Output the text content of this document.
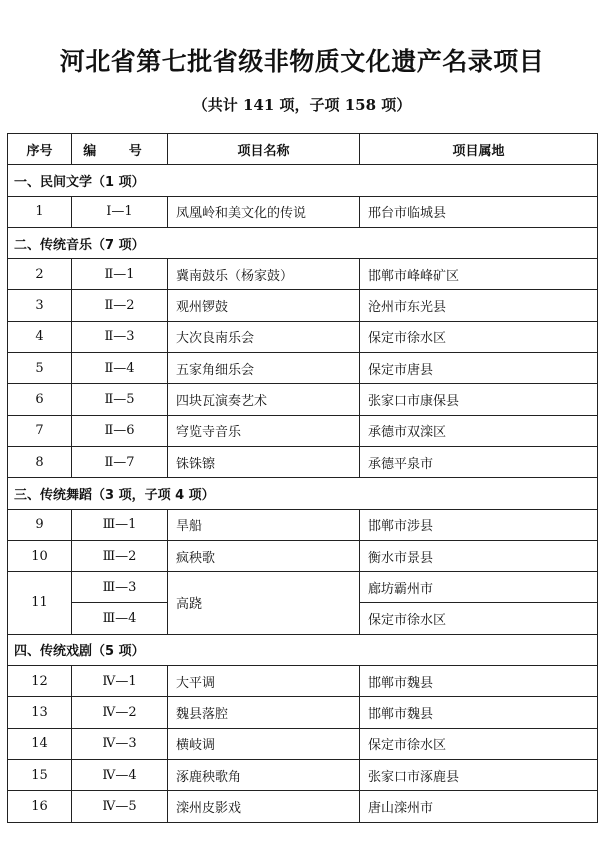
河北省第七批省级非物质文化遗产名录项目
（共计 141 项，子项 158 项）
序号	编 号	项目名称	项目属地
一、民间文学（1 项）			
1	Ⅰ—1	凤凰岭和美文化的传说	邢台市临城县
二、传统音乐（7 项）			
2	Ⅱ—1	冀南鼓乐（杨家鼓）	邯郸市峰峰矿区
3	Ⅱ—2	观州锣鼓	沧州市东光县
4	Ⅱ—3	大次良南乐会	保定市徐水区
5	Ⅱ—4	五家角细乐会	保定市唐县
6	Ⅱ—5	四块瓦演奏艺术	张家口市康保县
7	Ⅱ—6	穹览寺音乐	承德市双滦区
8	Ⅱ—7	铢铢镲	承德平泉市
三、传统舞蹈（3 项，子项 4 项）			
9	Ⅲ—1	旱船	邯郸市涉县
10	Ⅲ—2	疯秧歌	衡水市景县
11	Ⅲ—3	高跷	廊坊霸州市
	Ⅲ—4		保定市徐水区
四、传统戏剧（5 项）			
12	Ⅳ—1	大平调	邯郸市魏县
13	Ⅳ—2	魏县落腔	邯郸市魏县
14	Ⅳ—3	横岐调	保定市徐水区
15	Ⅳ—4	涿鹿秧歌角	张家口市涿鹿县
16	Ⅳ—5	滦州皮影戏	唐山滦州市
